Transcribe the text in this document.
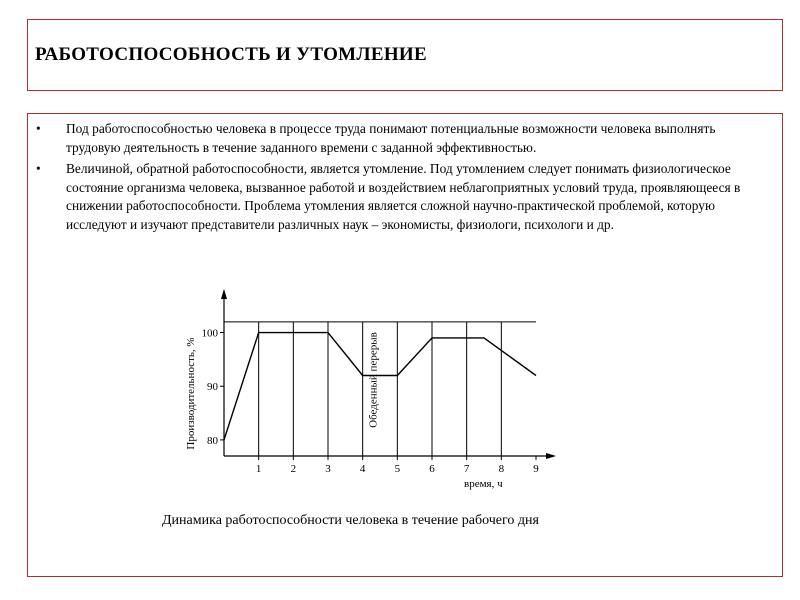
РАБОТОСПОСОБНОСТЬ И УТОМЛЕНИЕ
• Под работоспособностью человека в процессе труда понимают потенциальные возможности человека выполнять трудовую деятельность в течение заданного времени с заданной эффективностью.
• Величиной, обратной работоспособности, является утомление. Под утомлением следует понимать физиологическое состояние организма человека, вызванное работой и воздействием неблагоприятных условий труда, проявляющееся в снижении работоспособности. Проблема утомления является сложной научно-практической проблемой, которую исследуют и изучают представители различных наук – экономисты, физиологи, психологи и др.
80
90
100
1	2	3	4	5	6	7	8	9
время, ч
Производительность, %	Обеденный перерыв
Динамика работоспособности человека в течение рабочего дня
